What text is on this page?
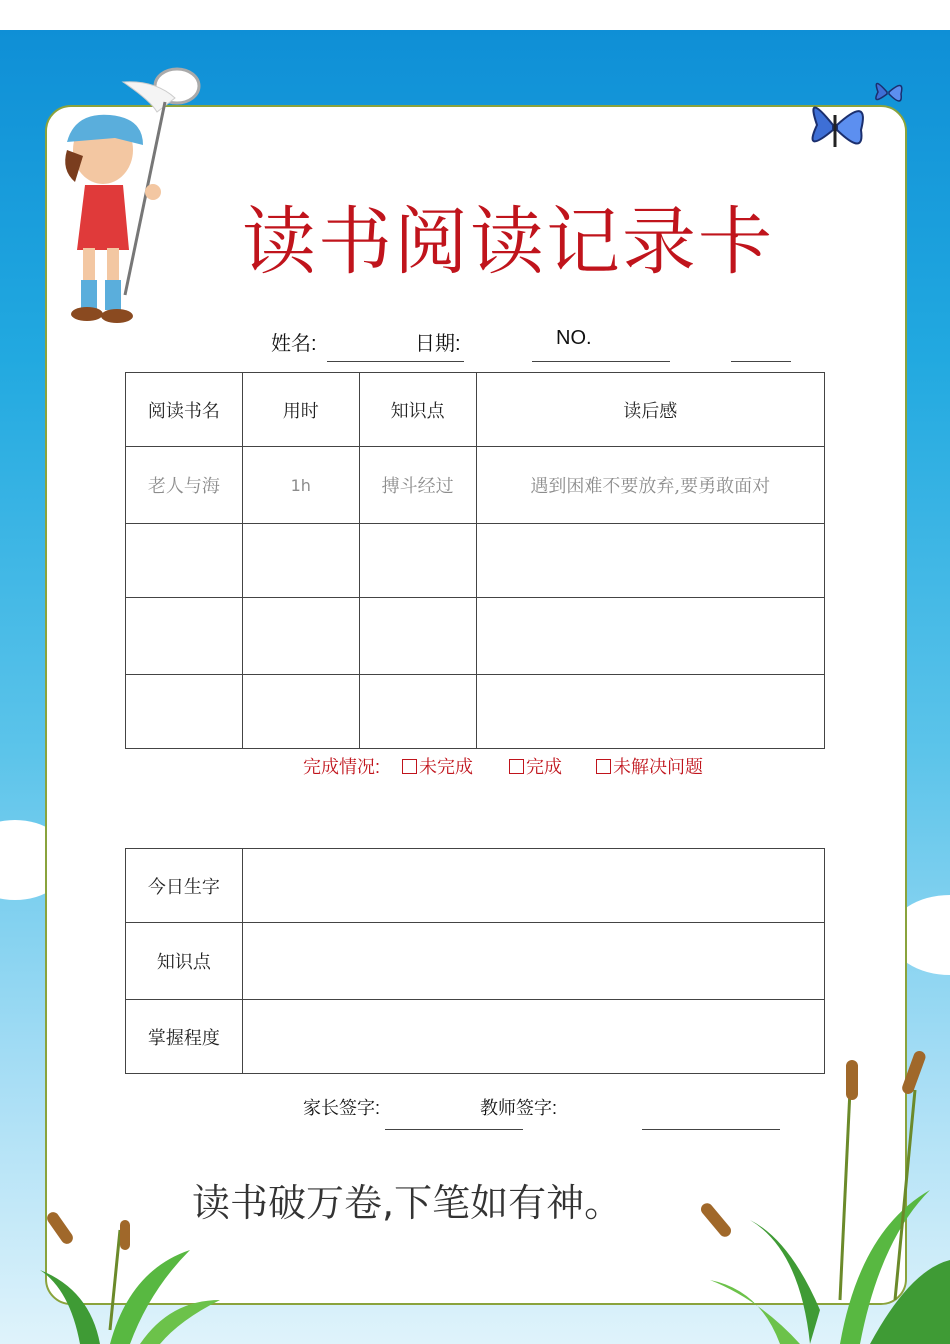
读书阅读记录卡
姓名:	日期:	NO.
阅读书名	用时	知识点	读后感
老人与海	1h	搏斗经过	遇到困难不要放弃,要勇敢面对

完成情况:	未完成	完成	未解决问题
今日生字	
知识点	
掌握程度	
家长签字:	教师签字:
读书破万卷,下笔如有神。
